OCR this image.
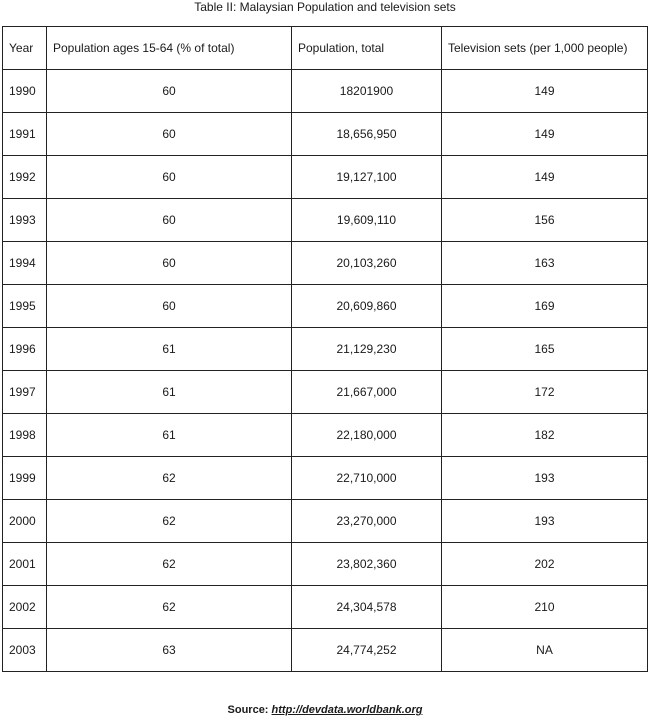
Table II: Malaysian Population and television sets
Year	Population ages 15-64 (% of total)	Population, total	Television sets (per 1,000 people)
1990	60	18201900	149
1991	60	18,656,950	149
1992	60	19,127,100	149
1993	60	19,609,110	156
1994	60	20,103,260	163
1995	60	20,609,860	169
1996	61	21,129,230	165
1997	61	21,667,000	172
1998	61	22,180,000	182
1999	62	22,710,000	193
2000	62	23,270,000	193
2001	62	23,802,360	202
2002	62	24,304,578	210
2003	63	24,774,252	NA
Source: http://devdata.worldbank.org
